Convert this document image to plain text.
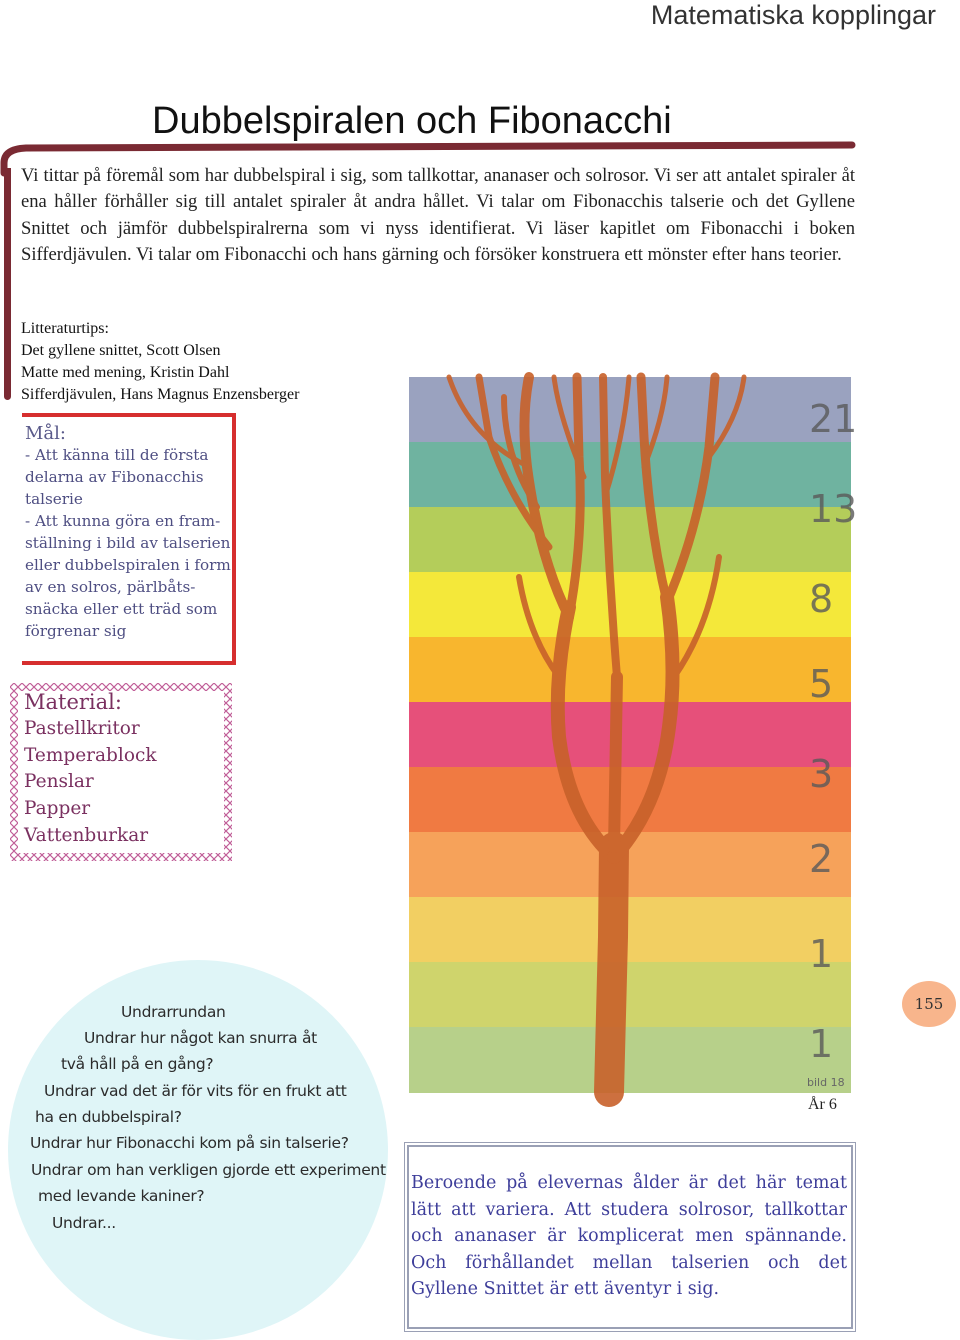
Matematiska kopplingar
Dubbelspiralen och Fibonacchi
Vi tittar på föremål som har dubbelspiral i sig, som tallkottar, ananaser och solrosor. Vi ser att antalet spiraler åt ena håller förhåller sig till antalet spiraler åt andra hållet. Vi talar om Fibonacchis talserie och det Gyllene Snittet och jämför dubbelspiralrerna som vi nyss identifierat. Vi läser kapitlet om Fibonacchi i boken Sifferdjävulen. Vi talar om Fibonacchi och hans gärning och försöker konstruera ett mönster efter hans teorier.
Litteraturtips:
Det gyllene snittet, Scott Olsen
Matte med mening, Kristin Dahl
Sifferdjävulen, Hans Magnus Enzensberger
Mål:
- Att känna till de första
delarna av Fibonacchis
talserie
- Att kunna göra en fram-
ställning i bild av talserien
eller dubbelspiralen i form
av en solros, pärlbåts-
snäcka eller ett träd som
förgrenar sig
Material:
Pastellkritor
Temperablock
Penslar
Papper
Vattenburkar
Undrarrundan
Undrar hur något kan snurra åt
två håll på en gång?
Undrar vad det är för vits för en frukt att
ha en dubbelspiral?
Undrar hur Fibonacchi kom på sin talserie?
Undrar om han verkligen gjorde ett experiment
med levande kaniner?
Undrar...
155
21
13
8
5
3
2
1
1
bild 18
År 6
Beroende på elevernas ålder är det här temat lätt att variera. Att studera solrosor, tallkottar och ananaser är komplicerat men spännande. Och förhållandet mellan talserien och det Gyllene Snittet är ett äventyr i sig.
